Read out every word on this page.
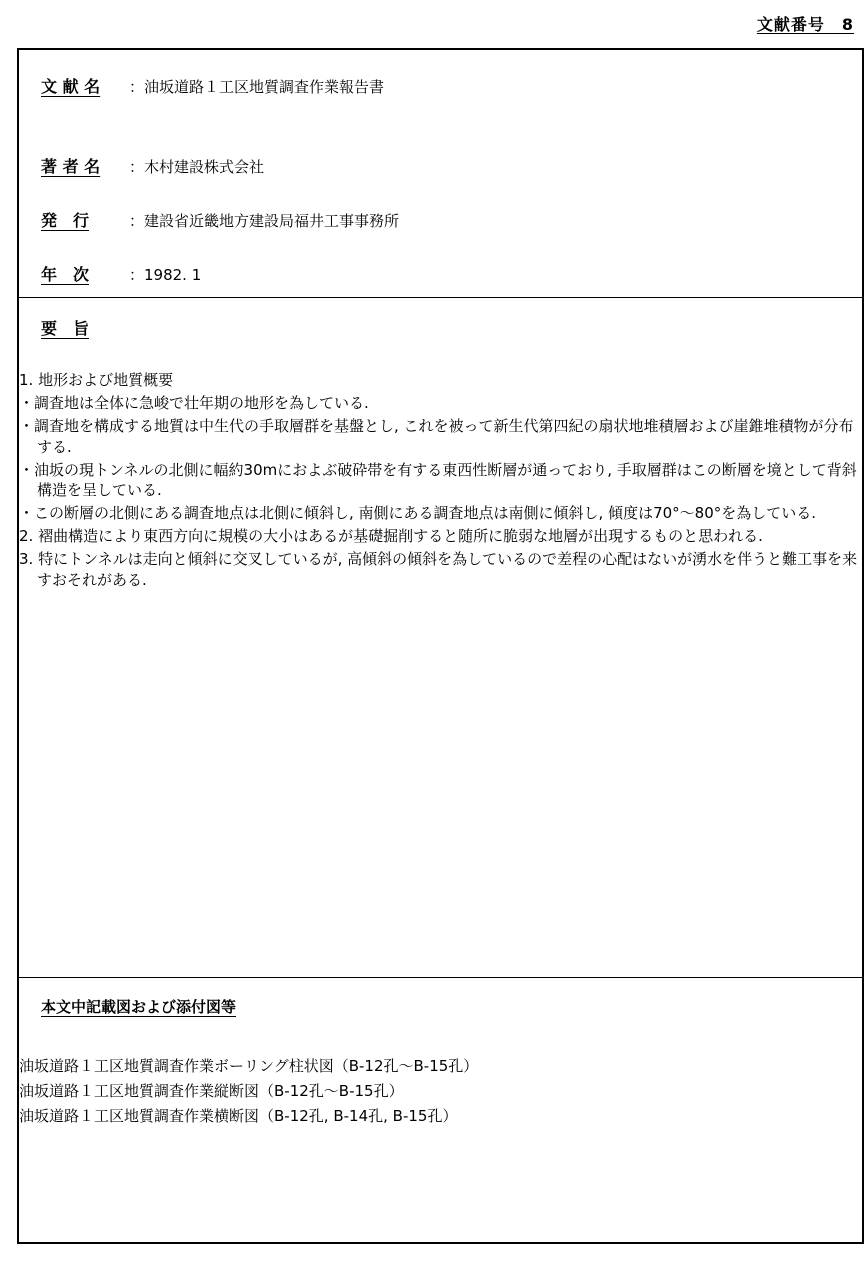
文献番号　8
文 献 名	：油坂道路１工区地質調査作業報告書
著 者 名	：木村建設株式会社
発　行	：建設省近畿地方建設局福井工事事務所
年　次	：1982. 1
要　旨

1. 地形および地質概要

・調査地は全体に急峻で壮年期の地形を為している.

・調査地を構成する地質は中生代の手取層群を基盤とし, これを被って新生代第四紀の扇状地堆積層および崖錐堆積物が分布する.

・油坂の現トンネルの北側に幅約30mにおよぶ破砕帯を有する東西性断層が通っており, 手取層群はこの断層を境として背斜構造を呈している.

・この断層の北側にある調査地点は北側に傾斜し, 南側にある調査地点は南側に傾斜し, 傾度は70°～80°を為している.

2. 褶曲構造により東西方向に規模の大小はあるが基礎掘削すると随所に脆弱な地層が出現するものと思われる.

3. 特にトンネルは走向と傾斜に交叉しているが, 高傾斜の傾斜を為しているので差程の心配はないが湧水を伴うと難工事を来すおそれがある.

本文中記載図および添付図等
油坂道路１工区地質調査作業ボーリング柱状図（B-12孔～B-15孔）
油坂道路１工区地質調査作業縦断図（B-12孔～B-15孔）
油坂道路１工区地質調査作業横断図（B-12孔, B-14孔, B-15孔）
